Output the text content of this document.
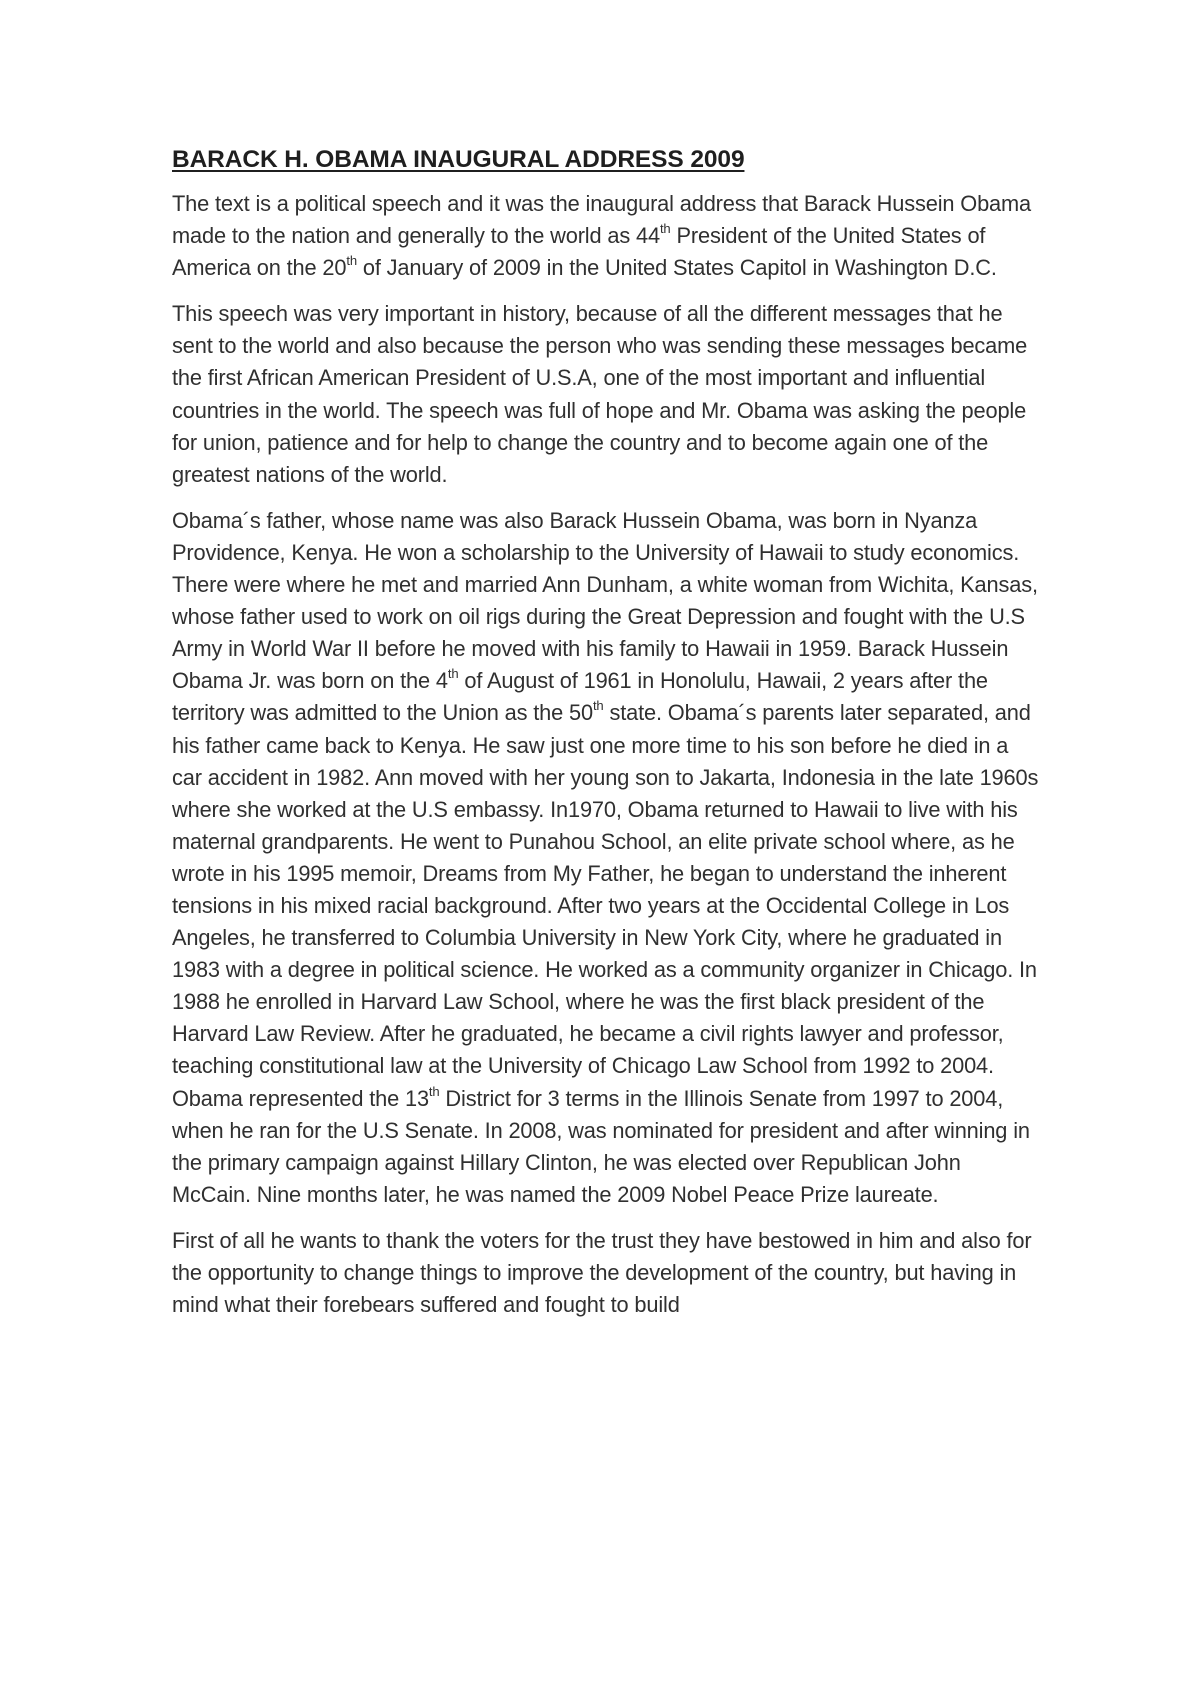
BARACK H. OBAMA INAUGURAL ADDRESS 2009

The text is a political speech and it was the inaugural address that Barack Hussein Obama made to the nation and generally to the world as 44th President of the United States of America on the 20th of January of 2009 in the United States Capitol in Washington D.C.

This speech was very important in history, because of all the different messages that he sent to the world and also because the person who was sending these messages became the first African American President of U.S.A, one of the most important and influential countries in the world. The speech was full of hope and Mr. Obama was asking the people for union, patience and for help to change the country and to become again one of the greatest nations of the world.

Obama´s father, whose name was also Barack Hussein Obama, was born in Nyanza Providence, Kenya. He won a scholarship to the University of Hawaii to study economics. There were where he met and married Ann Dunham, a white woman from Wichita, Kansas, whose father used to work on oil rigs during the Great Depression and fought with the U.S Army in World War II before he moved with his family to Hawaii in 1959. Barack Hussein Obama Jr. was born on the 4th of August of 1961 in Honolulu, Hawaii, 2 years after the territory was admitted to the Union as the 50th state. Obama´s parents later separated, and his father came back to Kenya. He saw just one more time to his son before he died in a car accident in 1982. Ann moved with her young son to Jakarta, Indonesia in the late 1960s where she worked at the U.S embassy. In1970, Obama returned to Hawaii to live with his maternal grandparents. He went to Punahou School, an elite private school where, as he wrote in his 1995 memoir, Dreams from My Father, he began to understand the inherent tensions in his mixed racial background. After two years at the Occidental College in Los Angeles, he transferred to Columbia University in New York City, where he graduated in 1983 with a degree in political science. He worked as a community organizer in Chicago. In 1988 he enrolled in Harvard Law School, where he was the first black president of the Harvard Law Review. After he graduated, he became a civil rights lawyer and professor, teaching constitutional law at the University of Chicago Law School from 1992 to 2004. Obama represented the 13th District for 3 terms in the Illinois Senate from 1997 to 2004, when he ran for the U.S Senate. In 2008, was nominated for president and after winning in the primary campaign against Hillary Clinton, he was elected over Republican John McCain. Nine months later, he was named the 2009 Nobel Peace Prize laureate.

First of all he wants to thank the voters for the trust they have bestowed in him and also for the opportunity to change things to improve the development of the country, but having in mind what their forebears suffered and fought to build
